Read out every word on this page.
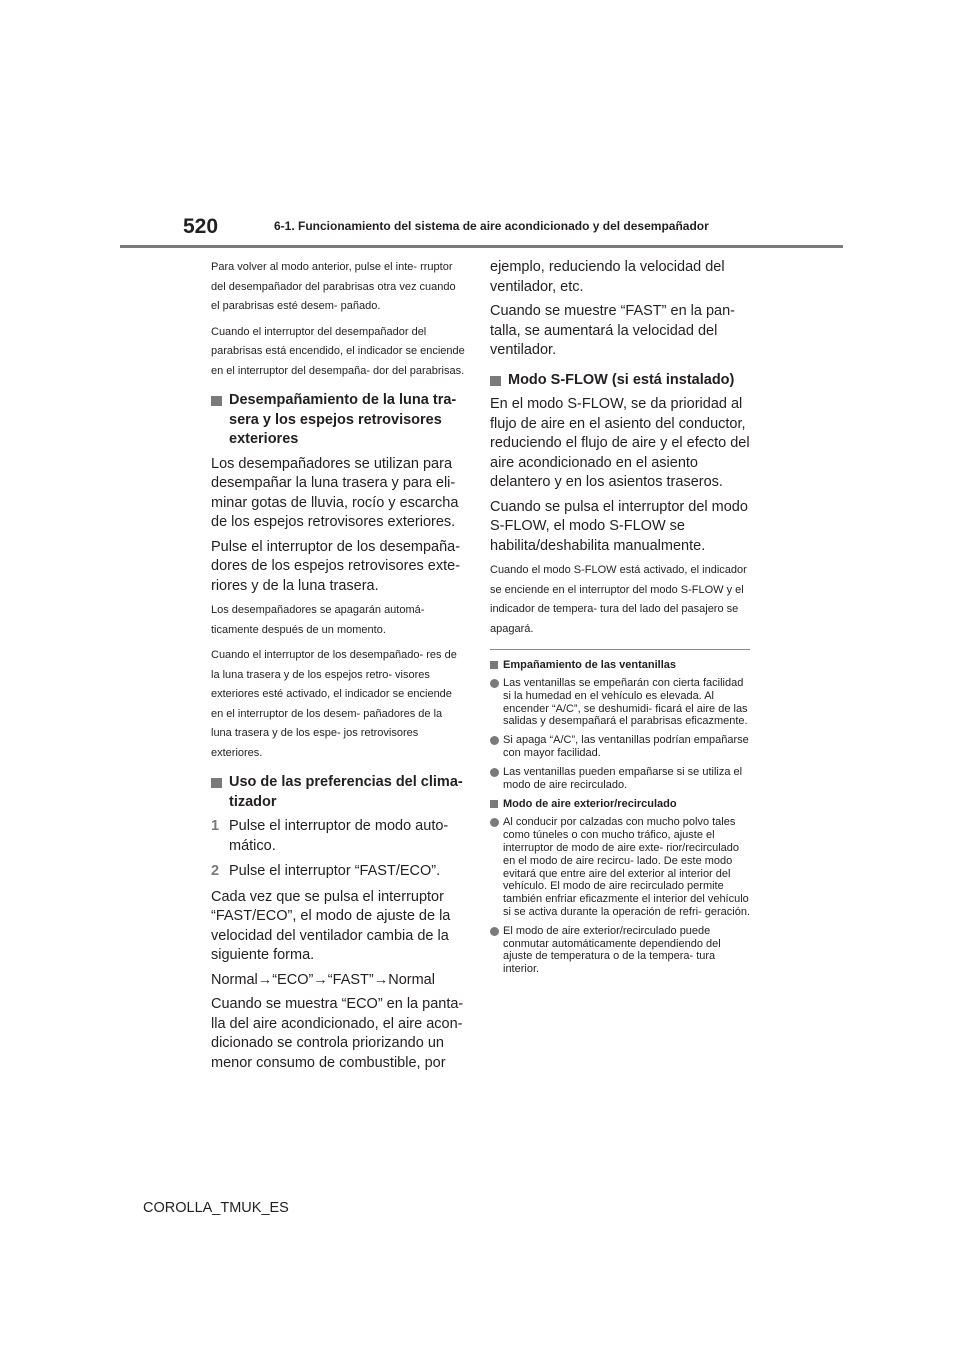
520	6-1. Funcionamiento del sistema de aire acondicionado y del desempañador

Para volver al modo anterior, pulse el inte- rruptor del desempañador del parabrisas otra vez cuando el parabrisas esté desem- pañado.

Cuando el interruptor del desempañador del parabrisas está encendido, el indicador se enciende en el interruptor del desempaña- dor del parabrisas.

Desempañamiento de la luna tra- sera y los espejos retrovisores exteriores

Los desempañadores se utilizan para desempañar la luna trasera y para eli- minar gotas de lluvia, rocío y escarcha de los espejos retrovisores exteriores.

Pulse el interruptor de los desempaña- dores de los espejos retrovisores exte- riores y de la luna trasera.

Los desempañadores se apagarán automá- ticamente después de un momento.

Cuando el interruptor de los desempañado- res de la luna trasera y de los espejos retro- visores exteriores esté activado, el indicador se enciende en el interruptor de los desem- pañadores de la luna trasera y de los espe- jos retrovisores exteriores.

Uso de las preferencias del clima- tizador
1 Pulse el interruptor de modo auto- mático.
2 Pulse el interruptor “FAST/ECO”.

Cada vez que se pulsa el interruptor “FAST/ECO”, el modo de ajuste de la velocidad del ventilador cambia de la siguiente forma.

Normal→“ECO”→“FAST”→Normal

Cuando se muestra “ECO” en la panta- lla del aire acondicionado, el aire acon- dicionado se controla priorizando un menor consumo de combustible, por

ejemplo, reduciendo la velocidad del ventilador, etc.

Cuando se muestre “FAST” en la pan- talla, se aumentará la velocidad del ventilador.

Modo S-FLOW (si está instalado)

En el modo S-FLOW, se da prioridad al flujo de aire en el asiento del conductor, reduciendo el flujo de aire y el efecto del aire acondicionado en el asiento delantero y en los asientos traseros.

Cuando se pulsa el interruptor del modo S-FLOW, el modo S-FLOW se habilita/deshabilita manualmente.

Cuando el modo S-FLOW está activado, el indicador se enciende en el interruptor del modo S-FLOW y el indicador de tempera- tura del lado del pasajero se apagará.

Empañamiento de las ventanillas
Las ventanillas se empeñarán con cierta facilidad si la humedad en el vehículo es elevada. Al encender “A/C”, se deshumidi- ficará el aire de las salidas y desempañará el parabrisas eficazmente.
Si apaga “A/C”, las ventanillas podrían empañarse con mayor facilidad.
Las ventanillas pueden empañarse si se utiliza el modo de aire recirculado.
Modo de aire exterior/recirculado
Al conducir por calzadas con mucho polvo tales como túneles o con mucho tráfico, ajuste el interruptor de modo de aire exte- rior/recirculado en el modo de aire recircu- lado. De este modo evitará que entre aire del exterior al interior del vehículo. El modo de aire recirculado permite también enfriar eficazmente el interior del vehículo si se activa durante la operación de refri- geración.
El modo de aire exterior/recirculado puede conmutar automáticamente dependiendo del ajuste de temperatura o de la tempera- tura interior.
COROLLA_TMUK_ES
